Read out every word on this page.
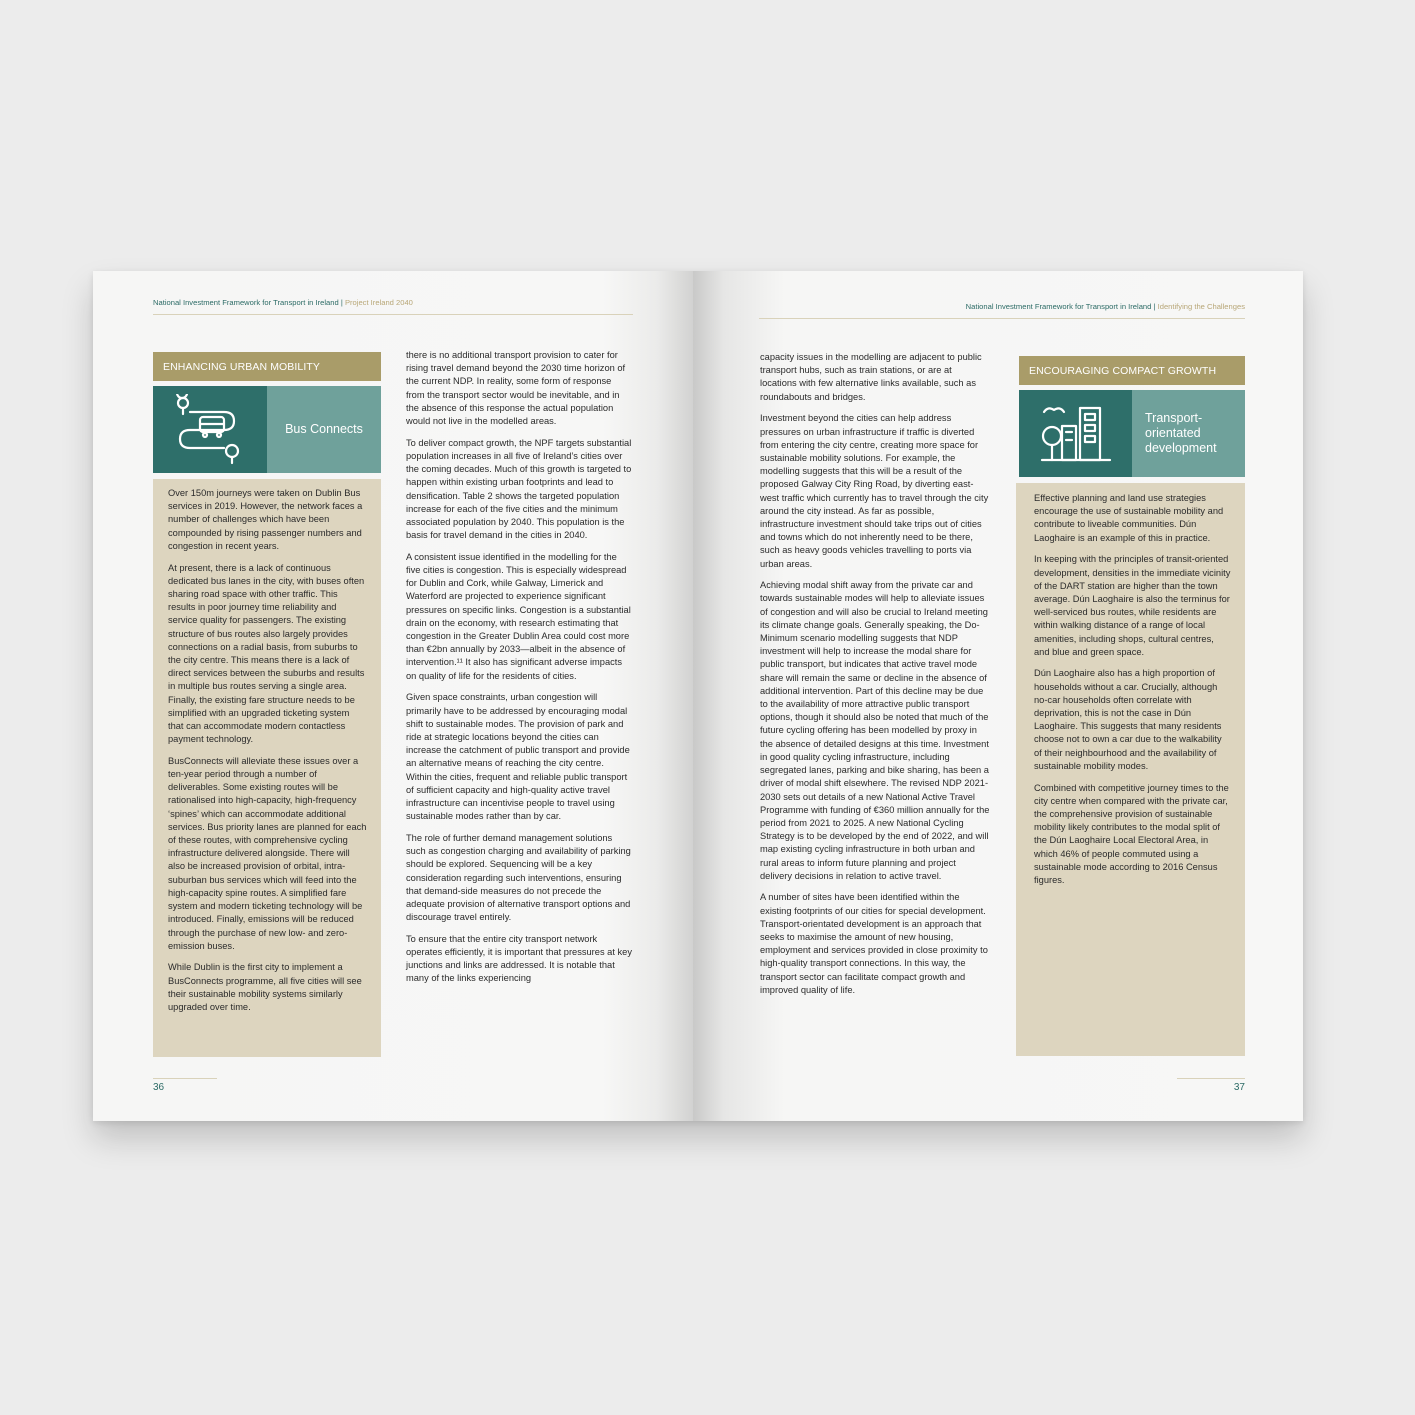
National Investment Framework for Transport in Ireland | Project Ireland 2040
ENHANCING URBAN MOBILITY
Bus Connects

Over 150m journeys were taken on Dublin Bus services in 2019. However, the network faces a number of challenges which have been compounded by rising passenger numbers and congestion in recent years.

At present, there is a lack of continuous dedicated bus lanes in the city, with buses often sharing road space with other traffic. This results in poor journey time reliability and service quality for passengers. The existing structure of bus routes also largely provides connections on a radial basis, from suburbs to the city centre. This means there is a lack of direct services between the suburbs and results in multiple bus routes serving a single area. Finally, the existing fare structure needs to be simplified with an upgraded ticketing system that can accommodate modern contactless payment technology.

BusConnects will alleviate these issues over a ten-year period through a number of deliverables. Some existing routes will be rationalised into high-capacity, high-frequency ‘spines’ which can accommodate additional services. Bus priority lanes are planned for each of these routes, with comprehensive cycling infrastructure delivered alongside. There will also be increased provision of orbital, intra-suburban bus services which will feed into the high-capacity spine routes. A simplified fare system and modern ticketing technology will be introduced. Finally, emissions will be reduced through the purchase of new low- and zero-emission buses.

While Dublin is the first city to implement a BusConnects programme, all five cities will see their sustainable mobility systems similarly upgraded over time.

there is no additional transport provision to cater for rising travel demand beyond the 2030 time horizon of the current NDP. In reality, some form of response from the transport sector would be inevitable, and in the absence of this response the actual population would not live in the modelled areas.

To deliver compact growth, the NPF targets substantial population increases in all five of Ireland’s cities over the coming decades. Much of this growth is targeted to happen within existing urban footprints and lead to densification. Table 2 shows the targeted population increase for each of the five cities and the minimum associated population by 2040. This population is the basis for travel demand in the cities in 2040.

A consistent issue identified in the modelling for the five cities is congestion. This is especially widespread for Dublin and Cork, while Galway, Limerick and Waterford are projected to experience significant pressures on specific links. Congestion is a substantial drain on the economy, with research estimating that congestion in the Greater Dublin Area could cost more than €2bn annually by 2033—albeit in the absence of intervention.¹¹ It also has significant adverse impacts on quality of life for the residents of cities.

Given space constraints, urban congestion will primarily have to be addressed by encouraging modal shift to sustainable modes. The provision of park and ride at strategic locations beyond the cities can increase the catchment of public transport and provide an alternative means of reaching the city centre. Within the cities, frequent and reliable public transport of sufficient capacity and high-quality active travel infrastructure can incentivise people to travel using sustainable modes rather than by car.

The role of further demand management solutions such as congestion charging and availability of parking should be explored. Sequencing will be a key consideration regarding such interventions, ensuring that demand-side measures do not precede the adequate provision of alternative transport options and discourage travel entirely.

To ensure that the entire city transport network operates efficiently, it is important that pressures at key junctions and links are addressed. It is notable that many of the links experiencing

36
National Investment Framework for Transport in Ireland | Identifying the Challenges

capacity issues in the modelling are adjacent to public transport hubs, such as train stations, or are at locations with few alternative links available, such as roundabouts and bridges.

Investment beyond the cities can help address pressures on urban infrastructure if traffic is diverted from entering the city centre, creating more space for sustainable mobility solutions. For example, the modelling suggests that this will be a result of the proposed Galway City Ring Road, by diverting east-west traffic which currently has to travel through the city around the city instead. As far as possible, infrastructure investment should take trips out of cities and towns which do not inherently need to be there, such as heavy goods vehicles travelling to ports via urban areas.

Achieving modal shift away from the private car and towards sustainable modes will help to alleviate issues of congestion and will also be crucial to Ireland meeting its climate change goals. Generally speaking, the Do-Minimum scenario modelling suggests that NDP investment will help to increase the modal share for public transport, but indicates that active travel mode share will remain the same or decline in the absence of additional intervention. Part of this decline may be due to the availability of more attractive public transport options, though it should also be noted that much of the future cycling offering has been modelled by proxy in the absence of detailed designs at this time. Investment in good quality cycling infrastructure, including segregated lanes, parking and bike sharing, has been a driver of modal shift elsewhere. The revised NDP 2021-2030 sets out details of a new National Active Travel Programme with funding of €360 million annually for the period from 2021 to 2025. A new National Cycling Strategy is to be developed by the end of 2022, and will map existing cycling infrastructure in both urban and rural areas to inform future planning and project delivery decisions in relation to active travel.

A number of sites have been identified within the existing footprints of our cities for special development. Transport-orientated development is an approach that seeks to maximise the amount of new housing, employment and services provided in close proximity to high-quality transport connections. In this way, the transport sector can facilitate compact growth and improved quality of life.

ENCOURAGING COMPACT GROWTH
Transport-orientated development

Effective planning and land use strategies encourage the use of sustainable mobility and contribute to liveable communities. Dún Laoghaire is an example of this in practice.

In keeping with the principles of transit-oriented development, densities in the immediate vicinity of the DART station are higher than the town average. Dún Laoghaire is also the terminus for well-serviced bus routes, while residents are within walking distance of a range of local amenities, including shops, cultural centres, and blue and green space.

Dún Laoghaire also has a high proportion of households without a car. Crucially, although no-car households often correlate with deprivation, this is not the case in Dún Laoghaire. This suggests that many residents choose not to own a car due to the walkability of their neighbourhood and the availability of sustainable mobility modes.

Combined with competitive journey times to the city centre when compared with the private car, the comprehensive provision of sustainable mobility likely contributes to the modal split of the Dún Laoghaire Local Electoral Area, in which 46% of people commuted using a sustainable mode according to 2016 Census figures.

37
